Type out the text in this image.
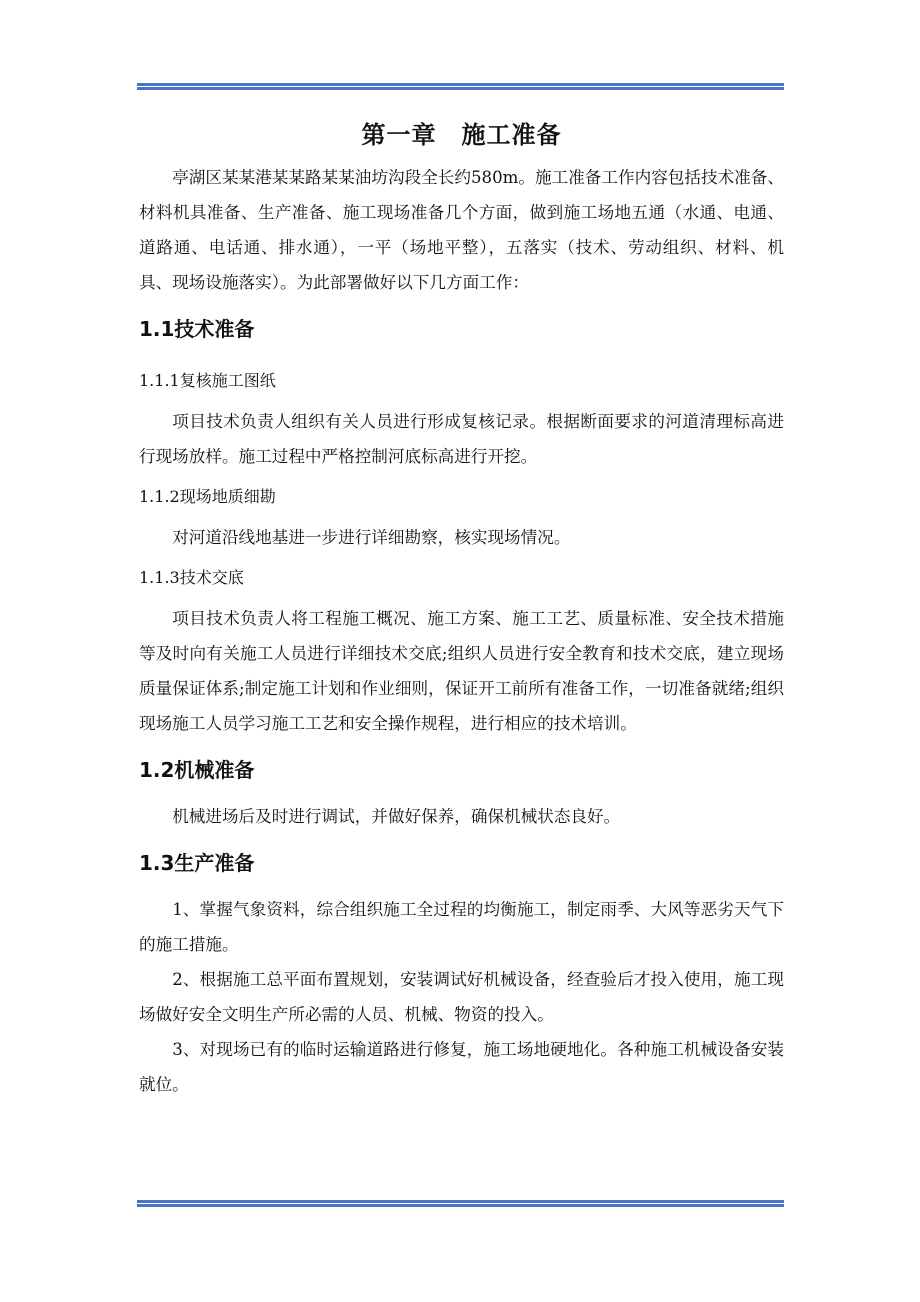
第一章　施工准备

亭湖区某某港某某路某某油坊沟段全长约580m。施工准备工作内容包括技术准备、材料机具准备、生产准备、施工现场准备几个方面，做到施工场地五通（水通、电通、道路通、电话通、排水通），一平（场地平整），五落实（技术、劳动组织、材料、机具、现场设施落实）。为此部署做好以下几方面工作：

1.1技术准备
1.1.1复核施工图纸

项目技术负责人组织有关人员进行形成复核记录。根据断面要求的河道清理标高进行现场放样。施工过程中严格控制河底标高进行开挖。

1.1.2现场地质细勘

对河道沿线地基进一步进行详细勘察，核实现场情况。

1.1.3技术交底

项目技术负责人将工程施工概况、施工方案、施工工艺、质量标准、安全技术措施等及时向有关施工人员进行详细技术交底;组织人员进行安全教育和技术交底，建立现场质量保证体系;制定施工计划和作业细则，保证开工前所有准备工作，一切准备就绪;组织现场施工人员学习施工工艺和安全操作规程，进行相应的技术培训。

1.2机械准备

机械进场后及时进行调试，并做好保养，确保机械状态良好。

1.3生产准备

1、掌握气象资料，综合组织施工全过程的均衡施工，制定雨季、大风等恶劣天气下的施工措施。

2、根据施工总平面布置规划，安装调试好机械设备，经查验后才投入使用，施工现场做好安全文明生产所必需的人员、机械、物资的投入。

3、对现场已有的临时运输道路进行修复，施工场地硬地化。各种施工机械设备安装就位。
